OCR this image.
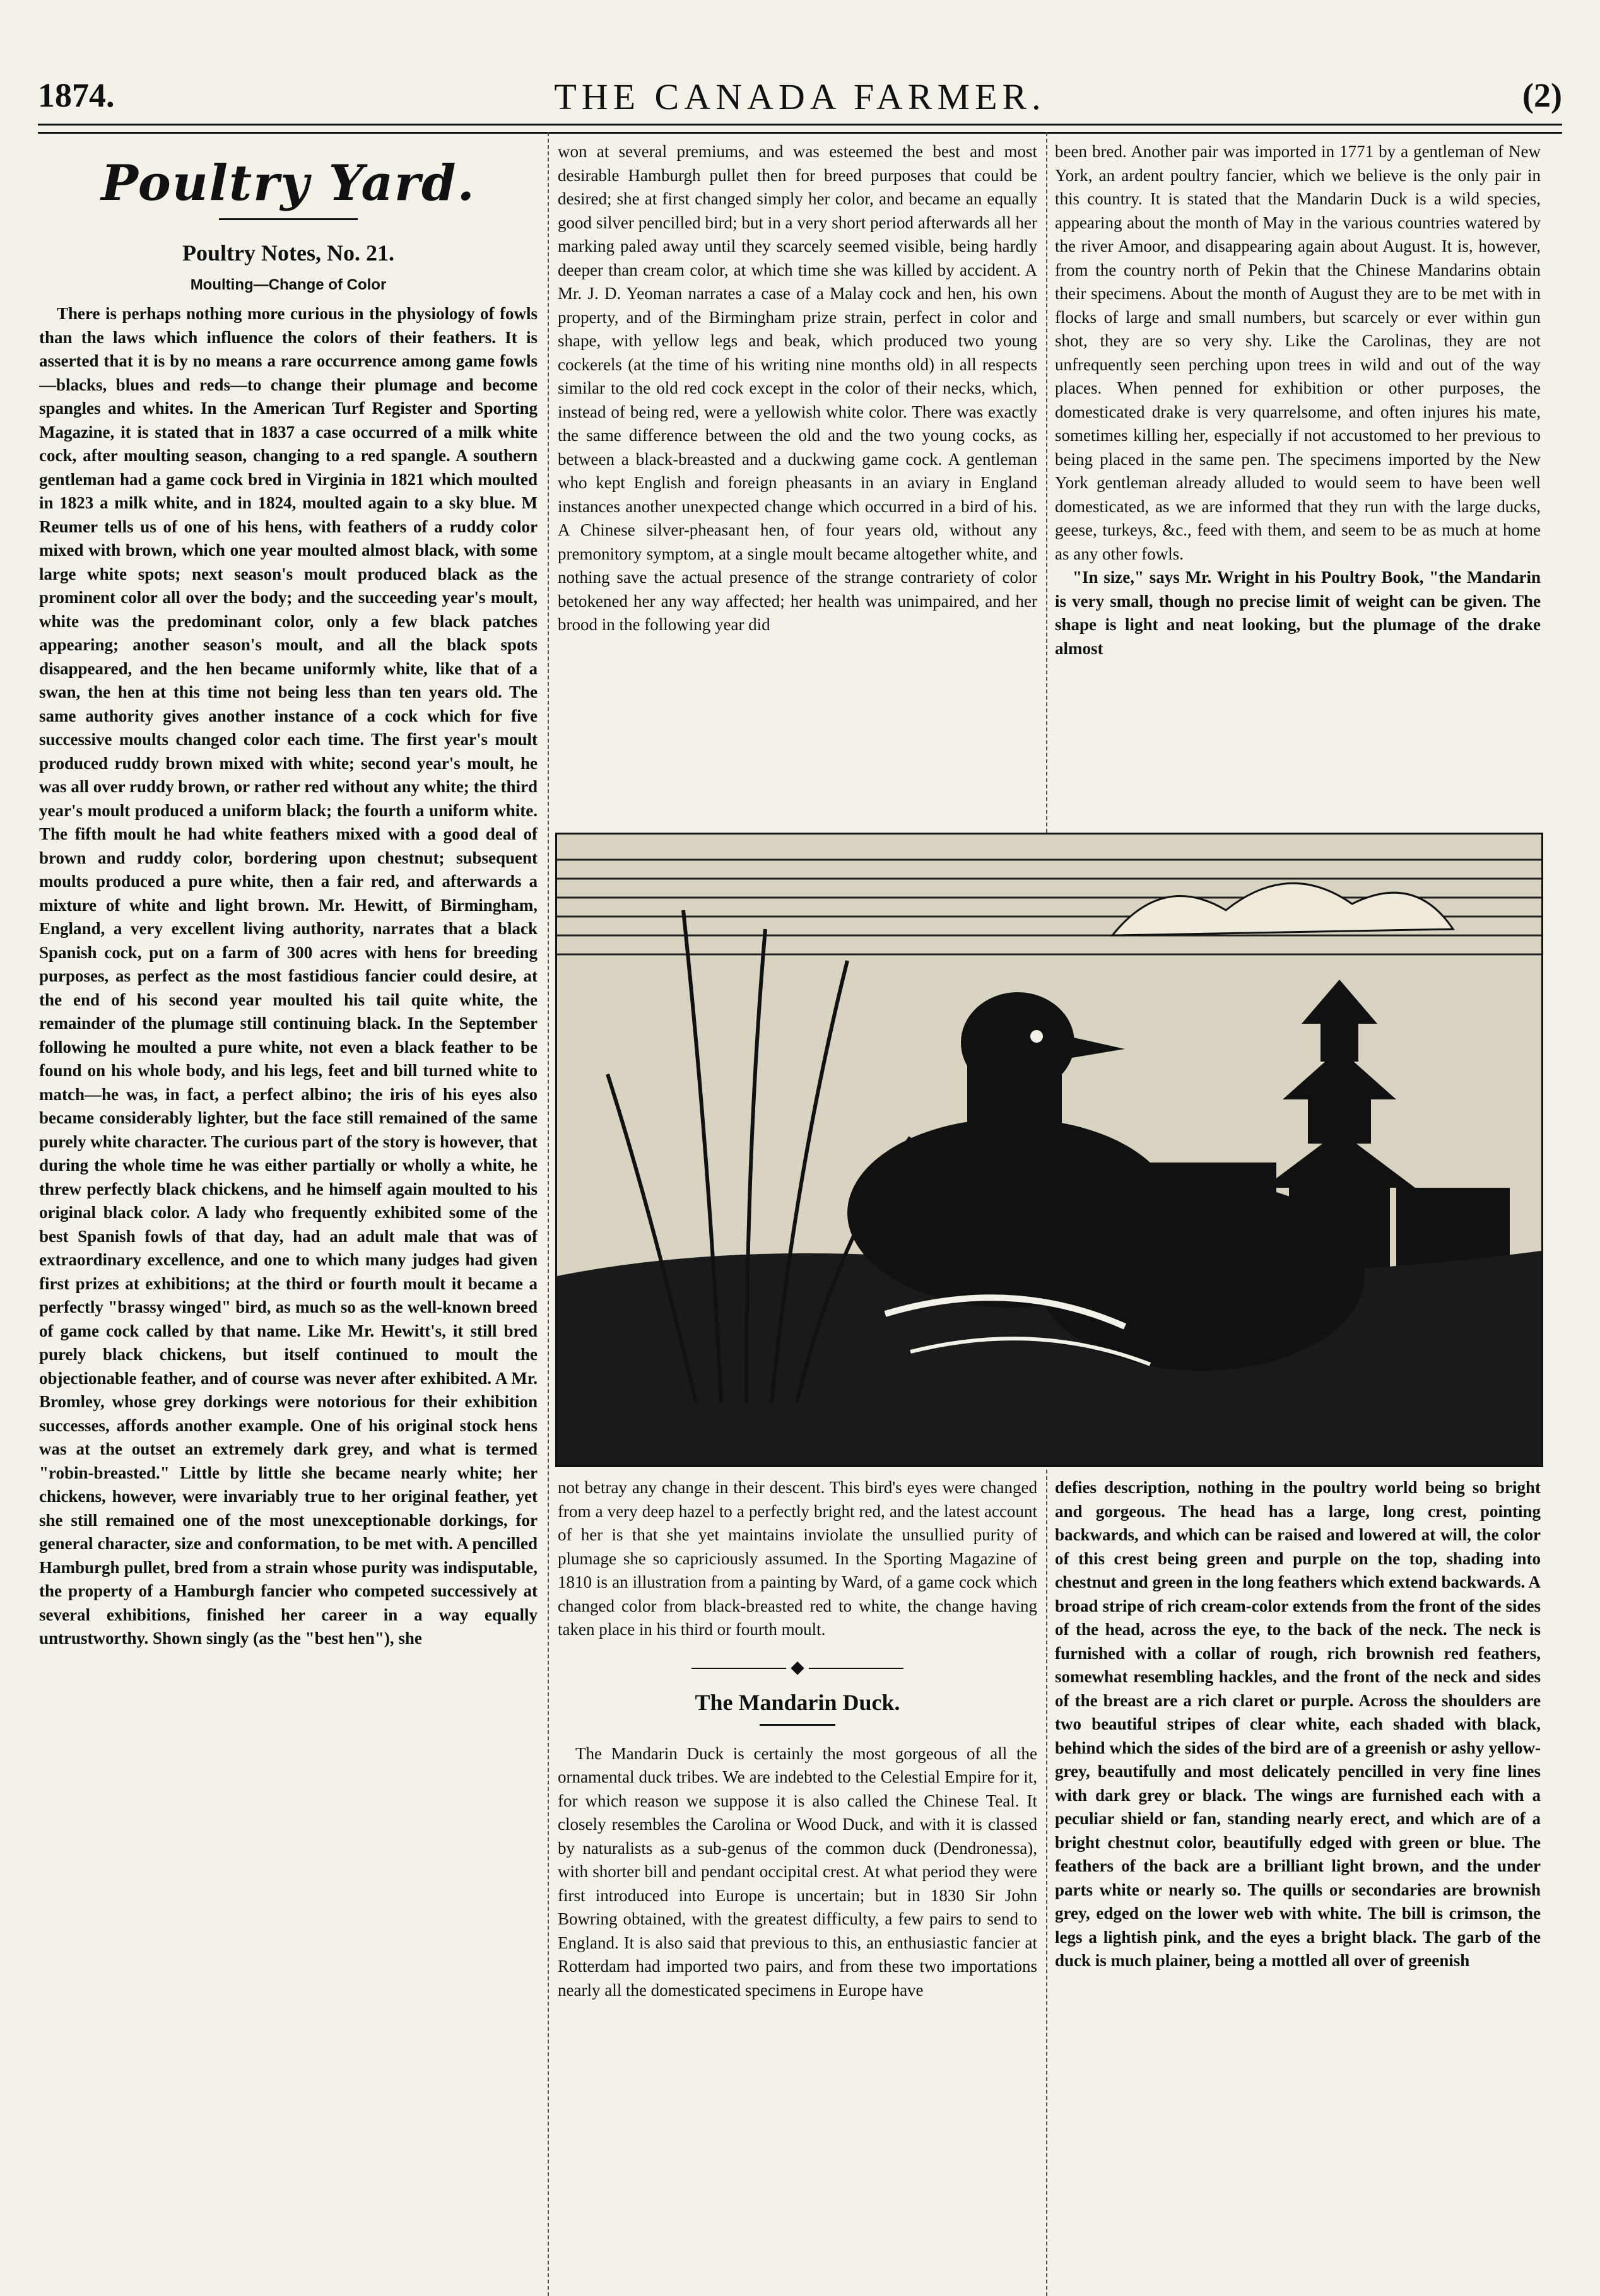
1874.	THE CANADA FARMER.	(2)
Poultry Yard.
Poultry Notes, No. 21.
Moulting—Change of Color

There is perhaps nothing more curious in the physiology of fowls than the laws which influence the colors of their feathers. It is asserted that it is by no means a rare occurrence among game fowls—blacks, blues and reds—to change their plumage and become spangles and whites. In the American Turf Register and Sporting Magazine, it is stated that in 1837 a case occurred of a milk white cock, after moulting season, changing to a red spangle. A southern gentleman had a game cock bred in Virginia in 1821 which moulted in 1823 a milk white, and in 1824, moulted again to a sky blue. M Reumer tells us of one of his hens, with feathers of a ruddy color mixed with brown, which one year moulted almost black, with some large white spots; next season's moult produced black as the prominent color all over the body; and the succeeding year's moult, white was the predominant color, only a few black patches appearing; another season's moult, and all the black spots disappeared, and the hen became uniformly white, like that of a swan, the hen at this time not being less than ten years old. The same authority gives another instance of a cock which for five successive moults changed color each time. The first year's moult produced ruddy brown mixed with white; second year's moult, he was all over ruddy brown, or rather red without any white; the third year's moult produced a uniform black; the fourth a uniform white. The fifth moult he had white feathers mixed with a good deal of brown and ruddy color, bordering upon chestnut; subsequent moults produced a pure white, then a fair red, and afterwards a mixture of white and light brown. Mr. Hewitt, of Birmingham, England, a very excellent living authority, narrates that a black Spanish cock, put on a farm of 300 acres with hens for breeding purposes, as perfect as the most fastidious fancier could desire, at the end of his second year moulted his tail quite white, the remainder of the plumage still continuing black. In the September following he moulted a pure white, not even a black feather to be found on his whole body, and his legs, feet and bill turned white to match—he was, in fact, a perfect albino; the iris of his eyes also became considerably lighter, but the face still remained of the same purely white character. The curious part of the story is however, that during the whole time he was either partially or wholly a white, he threw perfectly black chickens, and he himself again moulted to his original black color. A lady who frequently exhibited some of the best Spanish fowls of that day, had an adult male that was of extraordinary excellence, and one to which many judges had given first prizes at exhibitions; at the third or fourth moult it became a perfectly "brassy winged" bird, as much so as the well-known breed of game cock called by that name. Like Mr. Hewitt's, it still bred purely black chickens, but itself continued to moult the objectionable feather, and of course was never after exhibited. A Mr. Bromley, whose grey dorkings were notorious for their exhibition successes, affords another example. One of his original stock hens was at the outset an extremely dark grey, and what is termed "robin-breasted." Little by little she became nearly white; her chickens, however, were invariably true to her original feather, yet she still remained one of the most unexceptionable dorkings, for general character, size and conformation, to be met with. A pencilled Hamburgh pullet, bred from a strain whose purity was indisputable, the property of a Hamburgh fancier who competed successively at several exhibitions, finished her career in a way equally untrustworthy. Shown singly (as the "best hen"), she

won at several premiums, and was esteemed the best and most desirable Hamburgh pullet then for breed purposes that could be desired; she at first changed simply her color, and became an equally good silver pencilled bird; but in a very short period afterwards all her marking paled away until they scarcely seemed visible, being hardly deeper than cream color, at which time she was killed by accident. A Mr. J. D. Yeoman narrates a case of a Malay cock and hen, his own property, and of the Birmingham prize strain, perfect in color and shape, with yellow legs and beak, which produced two young cockerels (at the time of his writing nine months old) in all respects similar to the old red cock except in the color of their necks, which, instead of being red, were a yellowish white color. There was exactly the same difference between the old and the two young cocks, as between a black-breasted and a duckwing game cock. A gentleman who kept English and foreign pheasants in an aviary in England instances another unexpected change which occurred in a bird of his. A Chinese silver-pheasant hen, of four years old, without any premonitory symptom, at a single moult became altogether white, and nothing save the actual presence of the strange contrariety of color betokened her any way affected; her health was unimpaired, and her brood in the following year did

been bred. Another pair was imported in 1771 by a gentleman of New York, an ardent poultry fancier, which we believe is the only pair in this country. It is stated that the Mandarin Duck is a wild species, appearing about the month of May in the various countries watered by the river Amoor, and disappearing again about August. It is, however, from the country north of Pekin that the Chinese Mandarins obtain their specimens. About the month of August they are to be met with in flocks of large and small numbers, but scarcely or ever within gun shot, they are so very shy. Like the Carolinas, they are not unfrequently seen perching upon trees in wild and out of the way places. When penned for exhibition or other purposes, the domesticated drake is very quarrelsome, and often injures his mate, sometimes killing her, especially if not accustomed to her previous to being placed in the same pen. The specimens imported by the New York gentleman already alluded to would seem to have been well domesticated, as we are informed that they run with the large ducks, geese, turkeys, &c., feed with them, and seem to be as much at home as any other fowls.

"In size," says Mr. Wright in his Poultry Book, "the Mandarin is very small, though no precise limit of weight can be given. The shape is light and neat looking, but the plumage of the drake almost

not betray any change in their descent. This bird's eyes were changed from a very deep hazel to a perfectly bright red, and the latest account of her is that she yet maintains inviolate the unsullied purity of plumage she so capriciously assumed. In the Sporting Magazine of 1810 is an illustration from a painting by Ward, of a game cock which changed color from black-breasted red to white, the change having taken place in his third or fourth moult.

◆
The Mandarin Duck.

The Mandarin Duck is certainly the most gorgeous of all the ornamental duck tribes. We are indebted to the Celestial Empire for it, for which reason we suppose it is also called the Chinese Teal. It closely resembles the Carolina or Wood Duck, and with it is classed by naturalists as a sub-genus of the common duck (Dendronessa), with shorter bill and pendant occipital crest. At what period they were first introduced into Europe is uncertain; but in 1830 Sir John Bowring obtained, with the greatest difficulty, a few pairs to send to England. It is also said that previous to this, an enthusiastic fancier at Rotterdam had imported two pairs, and from these two importations nearly all the domesticated specimens in Europe have

defies description, nothing in the poultry world being so bright and gorgeous. The head has a large, long crest, pointing backwards, and which can be raised and lowered at will, the color of this crest being green and purple on the top, shading into chestnut and green in the long feathers which extend backwards. A broad stripe of rich cream-color extends from the front of the sides of the head, across the eye, to the back of the neck. The neck is furnished with a collar of rough, rich brownish red feathers, somewhat resembling hackles, and the front of the neck and sides of the breast are a rich claret or purple. Across the shoulders are two beautiful stripes of clear white, each shaded with black, behind which the sides of the bird are of a greenish or ashy yellow-grey, beautifully and most delicately pencilled in very fine lines with dark grey or black. The wings are furnished each with a peculiar shield or fan, standing nearly erect, and which are of a bright chestnut color, beautifully edged with green or blue. The feathers of the back are a brilliant light brown, and the under parts white or nearly so. The quills or secondaries are brownish grey, edged on the lower web with white. The bill is crimson, the legs a lightish pink, and the eyes a bright black. The garb of the duck is much plainer, being a mottled all over of greenish
